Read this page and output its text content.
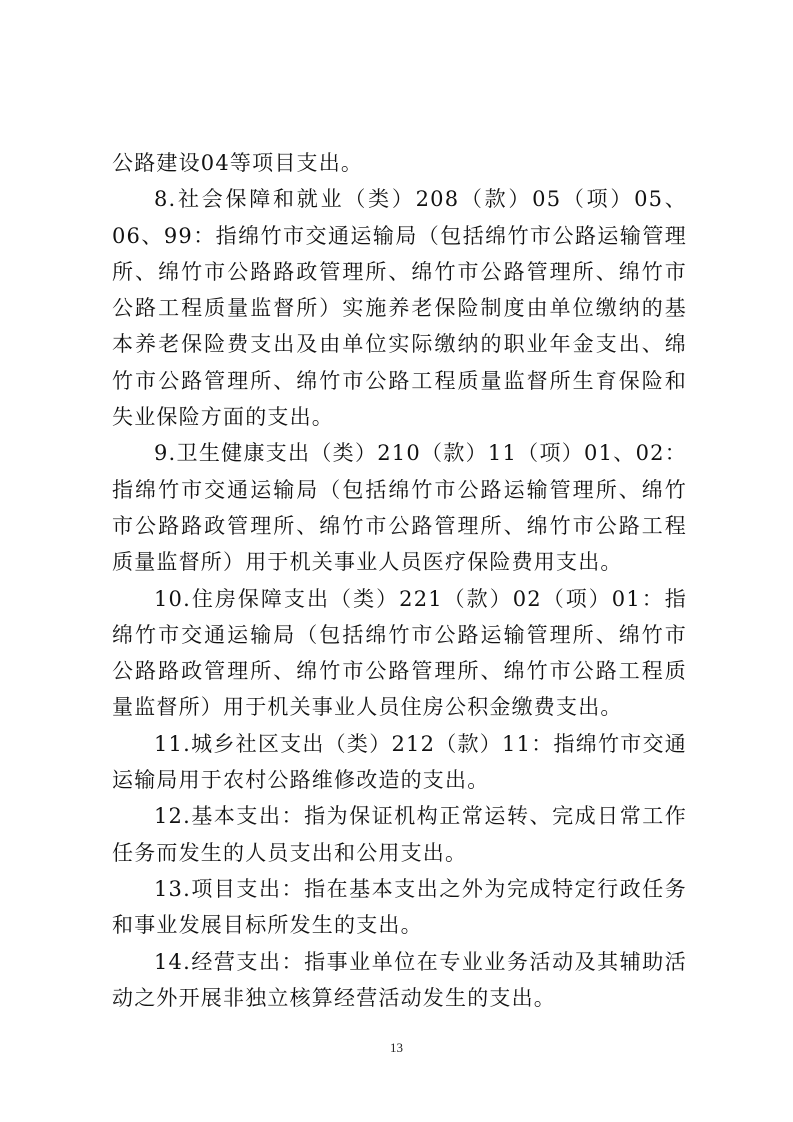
公路建设04等项目支出。

8.社会保障和就业（类）208（款）05（项）05、06、99：指绵竹市交通运输局（包括绵竹市公路运输管理所、绵竹市公路路政管理所、绵竹市公路管理所、绵竹市公路工程质量监督所）实施养老保险制度由单位缴纳的基本养老保险费支出及由单位实际缴纳的职业年金支出、绵竹市公路管理所、绵竹市公路工程质量监督所生育保险和失业保险方面的支出。

9.卫生健康支出（类）210（款）11（项）01、02：指绵竹市交通运输局（包括绵竹市公路运输管理所、绵竹市公路路政管理所、绵竹市公路管理所、绵竹市公路工程质量监督所）用于机关事业人员医疗保险费用支出。

10.住房保障支出（类）221（款）02（项）01：指绵竹市交通运输局（包括绵竹市公路运输管理所、绵竹市公路路政管理所、绵竹市公路管理所、绵竹市公路工程质量监督所）用于机关事业人员住房公积金缴费支出。

11.城乡社区支出（类）212（款）11：指绵竹市交通运输局用于农村公路维修改造的支出。

12.基本支出：指为保证机构正常运转、完成日常工作任务而发生的人员支出和公用支出。

13.项目支出：指在基本支出之外为完成特定行政任务和事业发展目标所发生的支出。

14.经营支出：指事业单位在专业业务活动及其辅助活动之外开展非独立核算经营活动发生的支出。

13
